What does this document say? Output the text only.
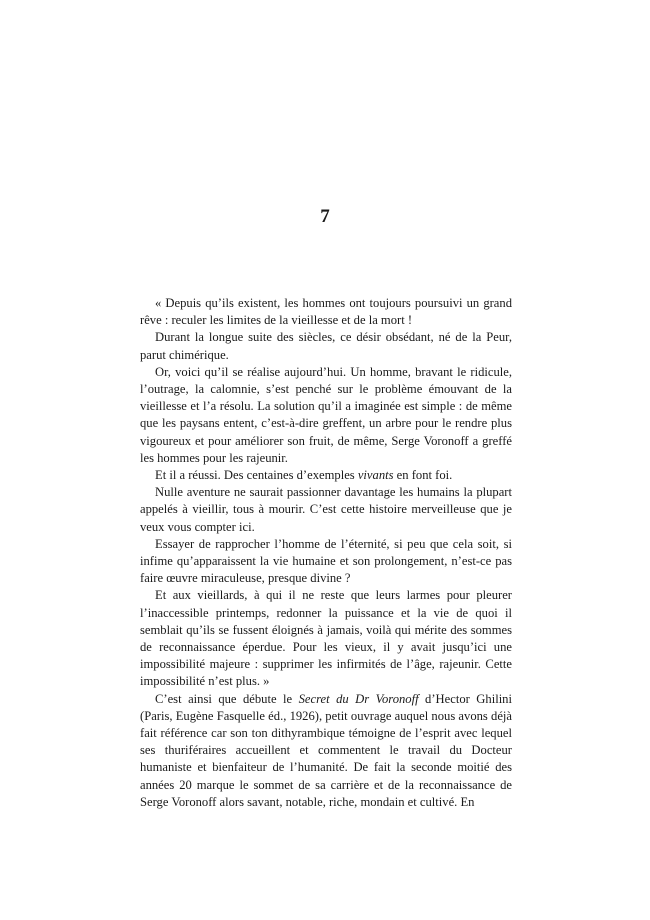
7

« Depuis qu’ils existent, les hommes ont toujours poursuivi un grand rêve : reculer les limites de la vieillesse et de la mort !

Durant la longue suite des siècles, ce désir obsédant, né de la Peur, parut chimérique.

Or, voici qu’il se réalise aujourd’hui. Un homme, bravant le ridicule, l’outrage, la calomnie, s’est penché sur le problème émouvant de la vieillesse et l’a résolu. La solution qu’il a imaginée est simple : de même que les paysans entent, c’est-à-dire greffent, un arbre pour le rendre plus vigoureux et pour améliorer son fruit, de même, Serge Voronoff a greffé les hommes pour les rajeunir.

Et il a réussi. Des centaines d’exemples vivants en font foi.

Nulle aventure ne saurait passionner davantage les humains la plupart appelés à vieillir, tous à mourir. C’est cette histoire merveilleuse que je veux vous compter ici.

Essayer de rapprocher l’homme de l’éternité, si peu que cela soit, si infime qu’apparaissent la vie humaine et son prolongement, n’est-ce pas faire œuvre miraculeuse, presque divine ?

Et aux vieillards, à qui il ne reste que leurs larmes pour pleurer l’inaccessible printemps, redonner la puissance et la vie de quoi il semblait qu’ils se fussent éloignés à jamais, voilà qui mérite des sommes de reconnaissance éperdue. Pour les vieux, il y avait jusqu’ici une impossibilité majeure : supprimer les infirmités de l’âge, rajeunir. Cette impossibilité n’est plus. »

C’est ainsi que débute le Secret du Dr Voronoff d’Hector Ghilini (Paris, Eugène Fasquelle éd., 1926), petit ouvrage auquel nous avons déjà fait référence car son ton dithyrambique témoigne de l’esprit avec lequel ses thuriféraires accueillent et commentent le travail du Docteur humaniste et bienfaiteur de l’humanité. De fait la seconde moitié des années 20 marque le sommet de sa carrière et de la reconnaissance de Serge Voronoff alors savant, notable, riche, mondain et cultivé. En
